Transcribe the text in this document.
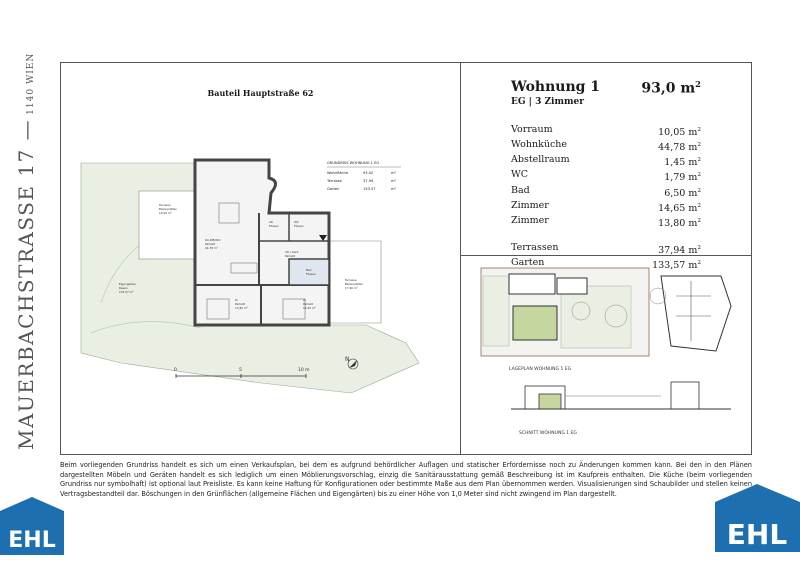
MAUERBACHSTRASSE 17 —1140 WIEN	Bauteil Hauptstraße 62
Terrasse
Betonplatten
19.90 m²
Eigengarten
Rasen
133.57 m²
KO-WB-WO
Parkett
44.78 m²
AR
Fliesen
WC
Fliesen
VR / Gard.
Parkett
Bad
Fliesen
Zi
Parkett
13.80 m²
Zi
Parkett
14.65 m²
Terrasse
Betonplatten
17.96 m²
GRUNDRISS WOHNUNG 1 EG
Wohnfläche	93.02	m²
Terrasse	37.94	m²
Garten	133.57	m²
0	5	10 m
N
Wohnung 1	93,0 $m^2$
EG | 3 Zimmer
Vorraum	10,05 $m^2$
Wohnküche	44,78 $m^2$
Abstellraum	1,45 $m^2$
WC	1,79 $m^2$
Bad	6,50 $m^2$
Zimmer	14,65 $m^2$
Zimmer	13,80 $m^2$
Terrassen	37,94 $m^2$
Garten	133,57 $m^2$
LAGEPLAN WOHNUNG 1 EG
SCHNITT WOHNUNG 1 EG
Beim vorliegenden Grundriss handelt es sich um einen Verkaufsplan, bei dem es aufgrund behördlicher Auflagen und statischer Erfordernisse noch zu Änderungen kommen kann. Bei den in den Plänen dargestellten Möbeln und Geräten handelt es sich lediglich um einen Möblierungsvorschlag, einzig die Sanitärausstattung gemäß Beschreibung ist im Kaufpreis enthalten. Die Küche (beim vorliegenden Grundriss nur symbolhaft) ist optional laut Preisliste. Es kann keine Haftung für Konfigurationen oder bestimmte Maße aus dem Plan übernommen werden. Visualisierungen sind Schaubilder und stellen keinen Vertragsbestandteil dar. Böschungen in den Grünflächen (allgemeine Flächen und Eigengärten) bis zu einer Höhe von 1,0 Meter sind nicht zwingend im Plan dargestellt.
EHL	EHL
